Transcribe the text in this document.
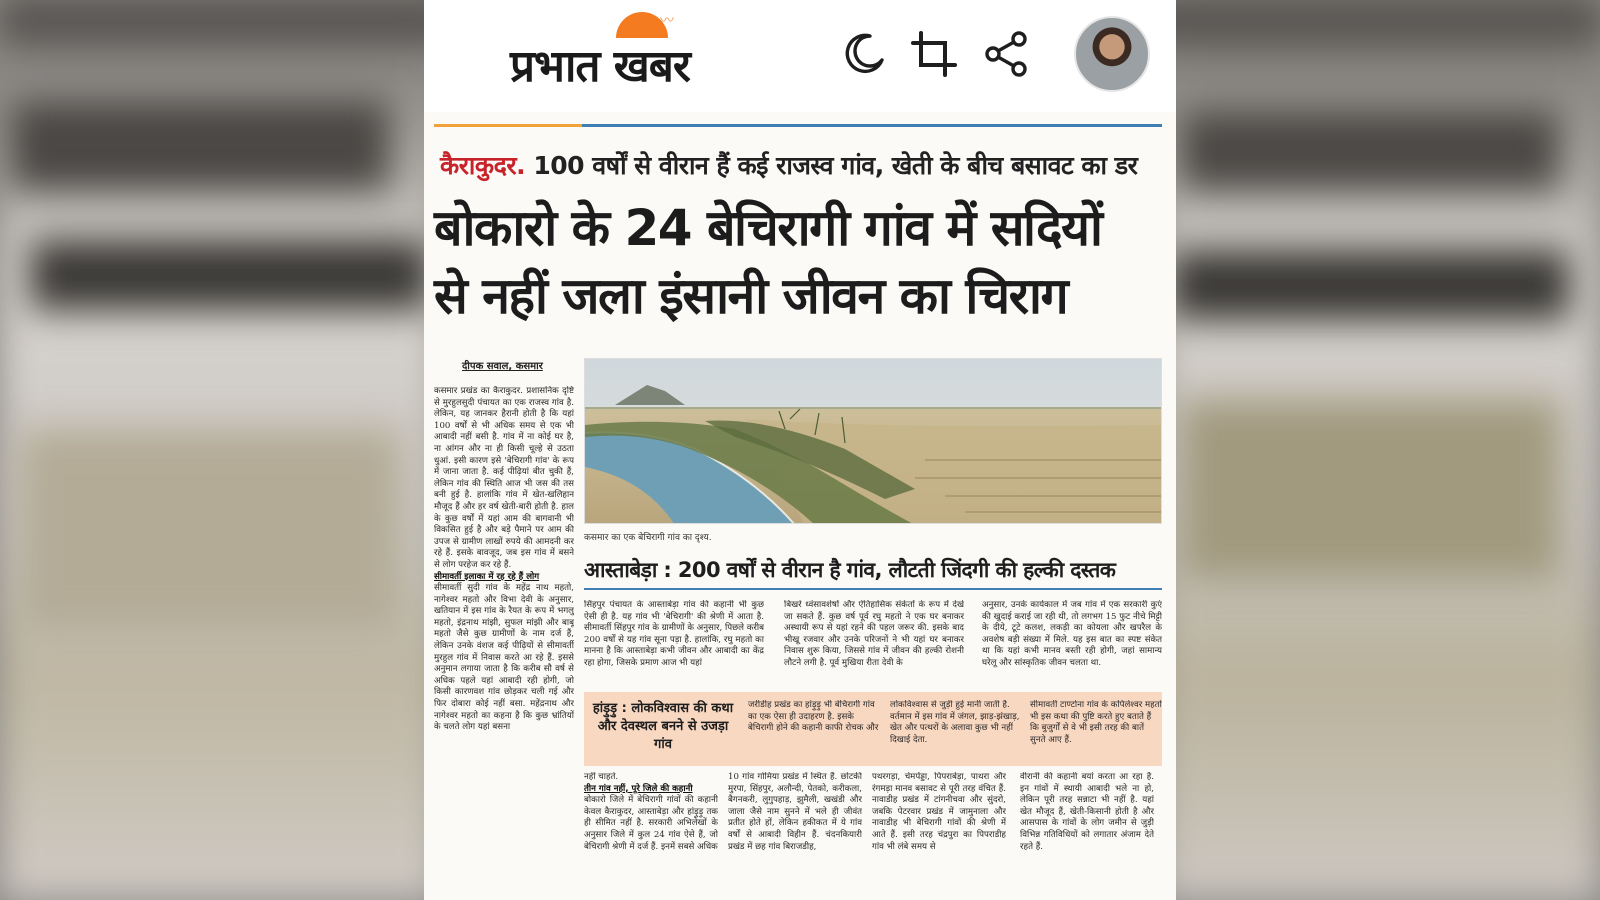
〰
प्रभात खबर
कैराकुदर. 100 वर्षों से वीरान हैं कई राजस्व गांव, खेती के बीच बसावट का डर
बोकारो के 24 बेचिरागी गांव में सदियों
से नहीं जला इंसानी जीवन का चिराग
दीपक सवाल, कसमार
कसमार प्रखंड का कैराकुदर. प्रशासनिक दृष्टि से मुरहुलसुदी पंचायत का एक राजस्व गांव है. लेकिन, यह जानकर हैरानी होती है कि यहां 100 वर्षों से भी अधिक समय से एक भी आबादी नहीं बसी है. गांव में ना कोई घर है, ना आंगन और ना ही किसी चूल्हे से उठता धुआं. इसी कारण इसे 'बेचिरागी गांव' के रूप में जाना जाता है. कई पीढ़ियां बीत चुकी हैं, लेकिन गांव की स्थिति आज भी जस की तस बनी हुई है. हालांकि गांव में खेत-खलिहान मौजूद हैं और हर वर्ष खेती-बारी होती है. हाल के कुछ वर्षों में यहां आम की बागवानी भी विकसित हुई है और बड़े पैमाने पर आम की उपज से ग्रामीण लाखों रुपये की आमदनी कर रहे हैं. इसके बावजूद, जब इस गांव में बसने से लोग परहेज कर रहे हैं.
सीमावर्ती इलाका में रह रहे हैं लोग
सीमावर्ती सुदी गांव के महेंद्र नाथ महतो, नागेश्वर महतो और विभा देवी के अनुसार, खतियान में इस गांव के रैयत के रूप में भगलु महतो, इंद्रनाथ मांझी, सुफल मांझी और बाबू महतो जैसे कुछ ग्रामीणों के नाम दर्ज हैं, लेकिन उनके वंशज कई पीढ़ियों से सीमावर्ती मुरहुल गांव में निवास करते आ रहे हैं. इससे अनुमान लगाया जाता है कि करीब सौ वर्ष से अधिक पहले यहां आबादी रही होगी, जो किसी कारणवश गांव छोड़कर चली गई और फिर दोबारा कोई नहीं बसा. महेंद्रनाथ और नागेश्वर महतो का कहना है कि कुछ भ्रांतियों के चलते लोग यहां बसना
कसमार का एक बेचिरागी गांव का दृश्य.
आस्ताबेड़ा : 200 वर्षों से वीरान है गांव, लौटती जिंदगी की हल्की दस्तक
सिंहपुर पंचायत के आस्ताबेड़ा गांव की कहानी भी कुछ ऐसी ही है. यह गांव भी 'बेचिरागी' की श्रेणी में आता है. सीमावर्ती सिंहपुर गांव के ग्रामीणों के अनुसार, पिछले करीब 200 वर्षों से यह गांव सूना पड़ा है. हालांकि, रघु महतो का मानना है कि आस्ताबेड़ा कभी जीवन और आबादी का केंद्र रहा होगा, जिसके प्रमाण आज भी यहां
बिखरे ध्वंसावशेषों और ऐतिहासिक संकेतों के रूप में देखे जा सकते हैं. कुछ वर्ष पूर्व रघु महतो ने एक घर बनाकर अस्थायी रूप से यहां रहने की पहल जरूर की. इसके बाद भीखू रजवार और उनके परिजनों ने भी यहां घर बनाकर निवास शुरू किया, जिससे गांव में जीवन की हल्की रोशनी लौटने लगी है. पूर्व मुखिया रीता देवी के
अनुसार, उनके कार्यकाल में जब गांव में एक सरकारी कुएं की खुदाई कराई जा रही थी, तो लगभग 15 फुट नीचे मिट्टी के दीये, टूटे कलश, लकड़ी का कोयला और खपरैल के अवशेष बड़ी संख्या में मिले. यह इस बात का स्पष्ट संकेत था कि यहां कभी मानव बस्ती रही होगी, जहां सामान्य घरेलू और सांस्कृतिक जीवन चलता था.
हांड़ुड़ु : लोकविश्वास की कथा और देवस्थल बनने से उजड़ा गांव
जरीडीह प्रखंड का हांड़ुड़ु भी बेचिरागी गांव का एक ऐसा ही उदाहरण है. इसके बेचिरागी होने की कहानी काफी रोचक और
लोकविश्वास से जुड़ी हुई मानी जाती है. वर्तमान में इस गांव में जंगल, झाड़-झंखाड़, खेत और पत्थरों के अलावा कुछ भी नहीं दिखाई देता.
सीमावर्ती टाण्टोना गांव के कपिलेश्वर महतो भी इस कथा की पुष्टि करते हुए बताते हैं कि बुजुर्गों से वे भी इसी तरह की बातें सुनते आए हैं.
नहीं चाहते.
तीन गांव नहीं, पूरे जिले की कहानी
बोकारो जिले में बेचिरागी गांवों की कहानी केवल कैराकुदर, आस्ताबेड़ा और हांड़ुड़ु तक ही सीमित नहीं है. सरकारी अभिलेखों के अनुसार जिले में कुल 24 गांव ऐसे हैं, जो बेचिरागी श्रेणी में दर्ज हैं. इनमें सबसे अधिक
10 गांव गोमिया प्रखंड में स्थित हैं. छोटकी मुरपा, सिंहपुर, अलौन्दी, पेतको, करीकला, बैगनकरी, लुगुपहाड़, झुमैली, खखंडी और जाला जैसे नाम सुनने में भले ही जीवंत प्रतीत होते हों, लेकिन हकीकत में ये गांव वर्षों से आबादी विहीन हैं. चंदनकियारी प्रखंड में छह गांव बिराजडीह,
पथरगड़ा, चेमपेंड्डा, पिपराबेड़ा, पाथरा और रंगमड़ा मानव बसावट से पूरी तरह वंचित हैं. नावाडीह प्रखंड में टांगनीचवा और सुंदरो, जबकि पेटरवार प्रखंड में जामुनाला और नावाडीह भी बेचिरागी गांवों की श्रेणी में आते हैं. इसी तरह चंद्रपुरा का पिपराडीह गांव भी लंबे समय से
वीरानी की कहानी बयां करता आ रहा है. इन गांवों में स्थायी आबादी भले ना हो, लेकिन पूरी तरह सन्नाटा भी नहीं है. यहां खेत मौजूद हैं, खेती-किसानी होती है और आसपास के गांवों के लोग जमीन से जुड़ी विभिन्न गतिविधियों को लगातार अंजाम देते रहते हैं.
